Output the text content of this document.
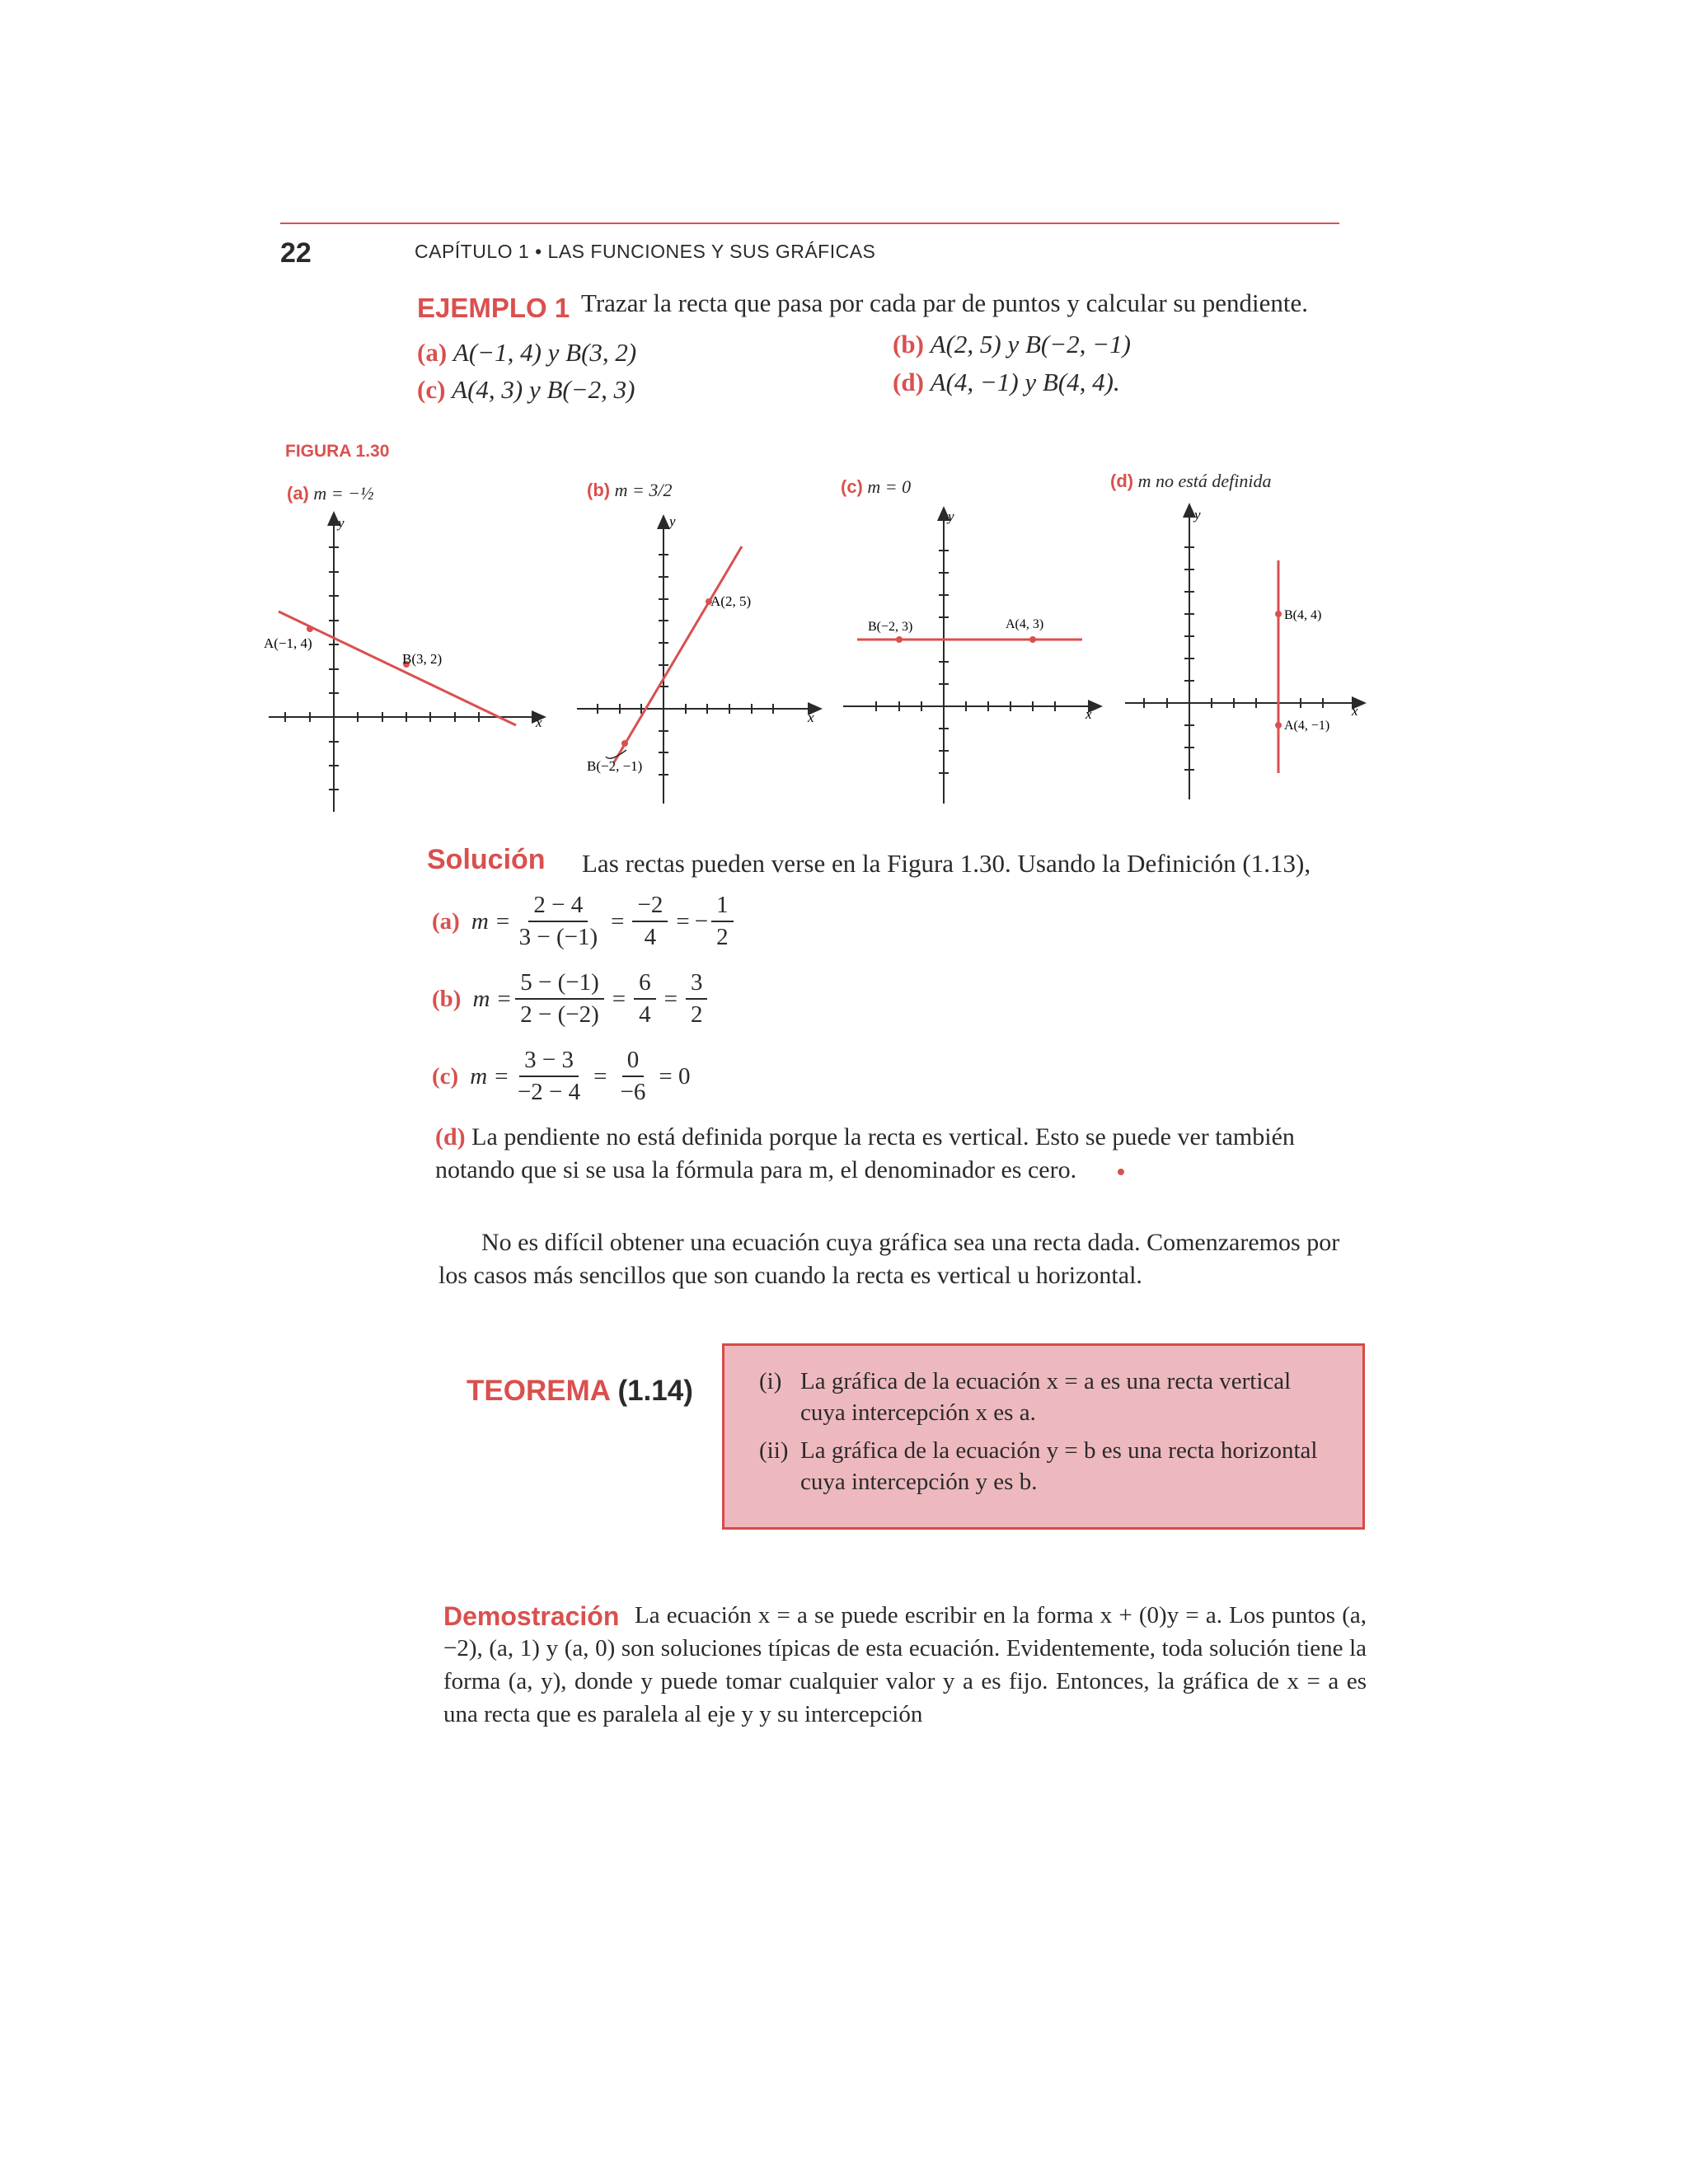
22	CAPÍTULO 1 • LAS FUNCIONES Y SUS GRÁFICAS
EJEMPLO 1 Trazar la recta que pasa por cada par de puntos y calcular su pendiente.
(a) A(−1, 4) y B(3, 2)	(b) A(2, 5) y B(−2, −1)
(c) A(4, 3) y B(−2, 3)	(d) A(4, −1) y B(4, 4).
FIGURA 1.30
(a) m = −½	(b) m = 3/2	(c) m = 0	(d) m no está definida
A(−1, 4)
B(3, 2)
x
y
A(2, 5)
B(−2, −1)
x
y
B(−2, 3)	A(4, 3)
x
y
B(4, 4)
A(4, −1)
x
y
Solución Las rectas pueden verse en la Figura 1.30. Usando la Definición (1.13),
(a) $m = \frac{2 - 4}{3 - (-1)} = \frac{-2}{4}$ = − $\frac{1}{2}$
(b) $m = \frac{5 - (-1)}{2 - (-2)} = \frac{6}{4} = \frac{3}{2}$
(c) $m = \frac{3 - 3}{-2 - 4} = \frac{0}{-6} = 0$
(d) La pendiente no está definida porque la recta es vertical. Esto se puede ver también notando que si se usa la fórmula para m, el denominador es cero.
No es difícil obtener una ecuación cuya gráfica sea una recta dada. Comenzaremos por los casos más sencillos que son cuando la recta es vertical u horizontal.
TEOREMA (1.14)	(i) La gráfica de la ecuación x = a es una recta vertical cuya intercepción x es a.
(ii) La gráfica de la ecuación y = b es una recta horizontal cuya intercepción y es b.
Demostración La ecuación x = a se puede escribir en la forma x + (0)y = a. Los puntos (a, −2), (a, 1) y (a, 0) son soluciones típicas de esta ecuación. Evidentemente, toda solución tiene la forma (a, y), donde y puede tomar cualquier valor y a es fijo. Entonces, la gráfica de x = a es una recta que es paralela al eje y y su intercepción
